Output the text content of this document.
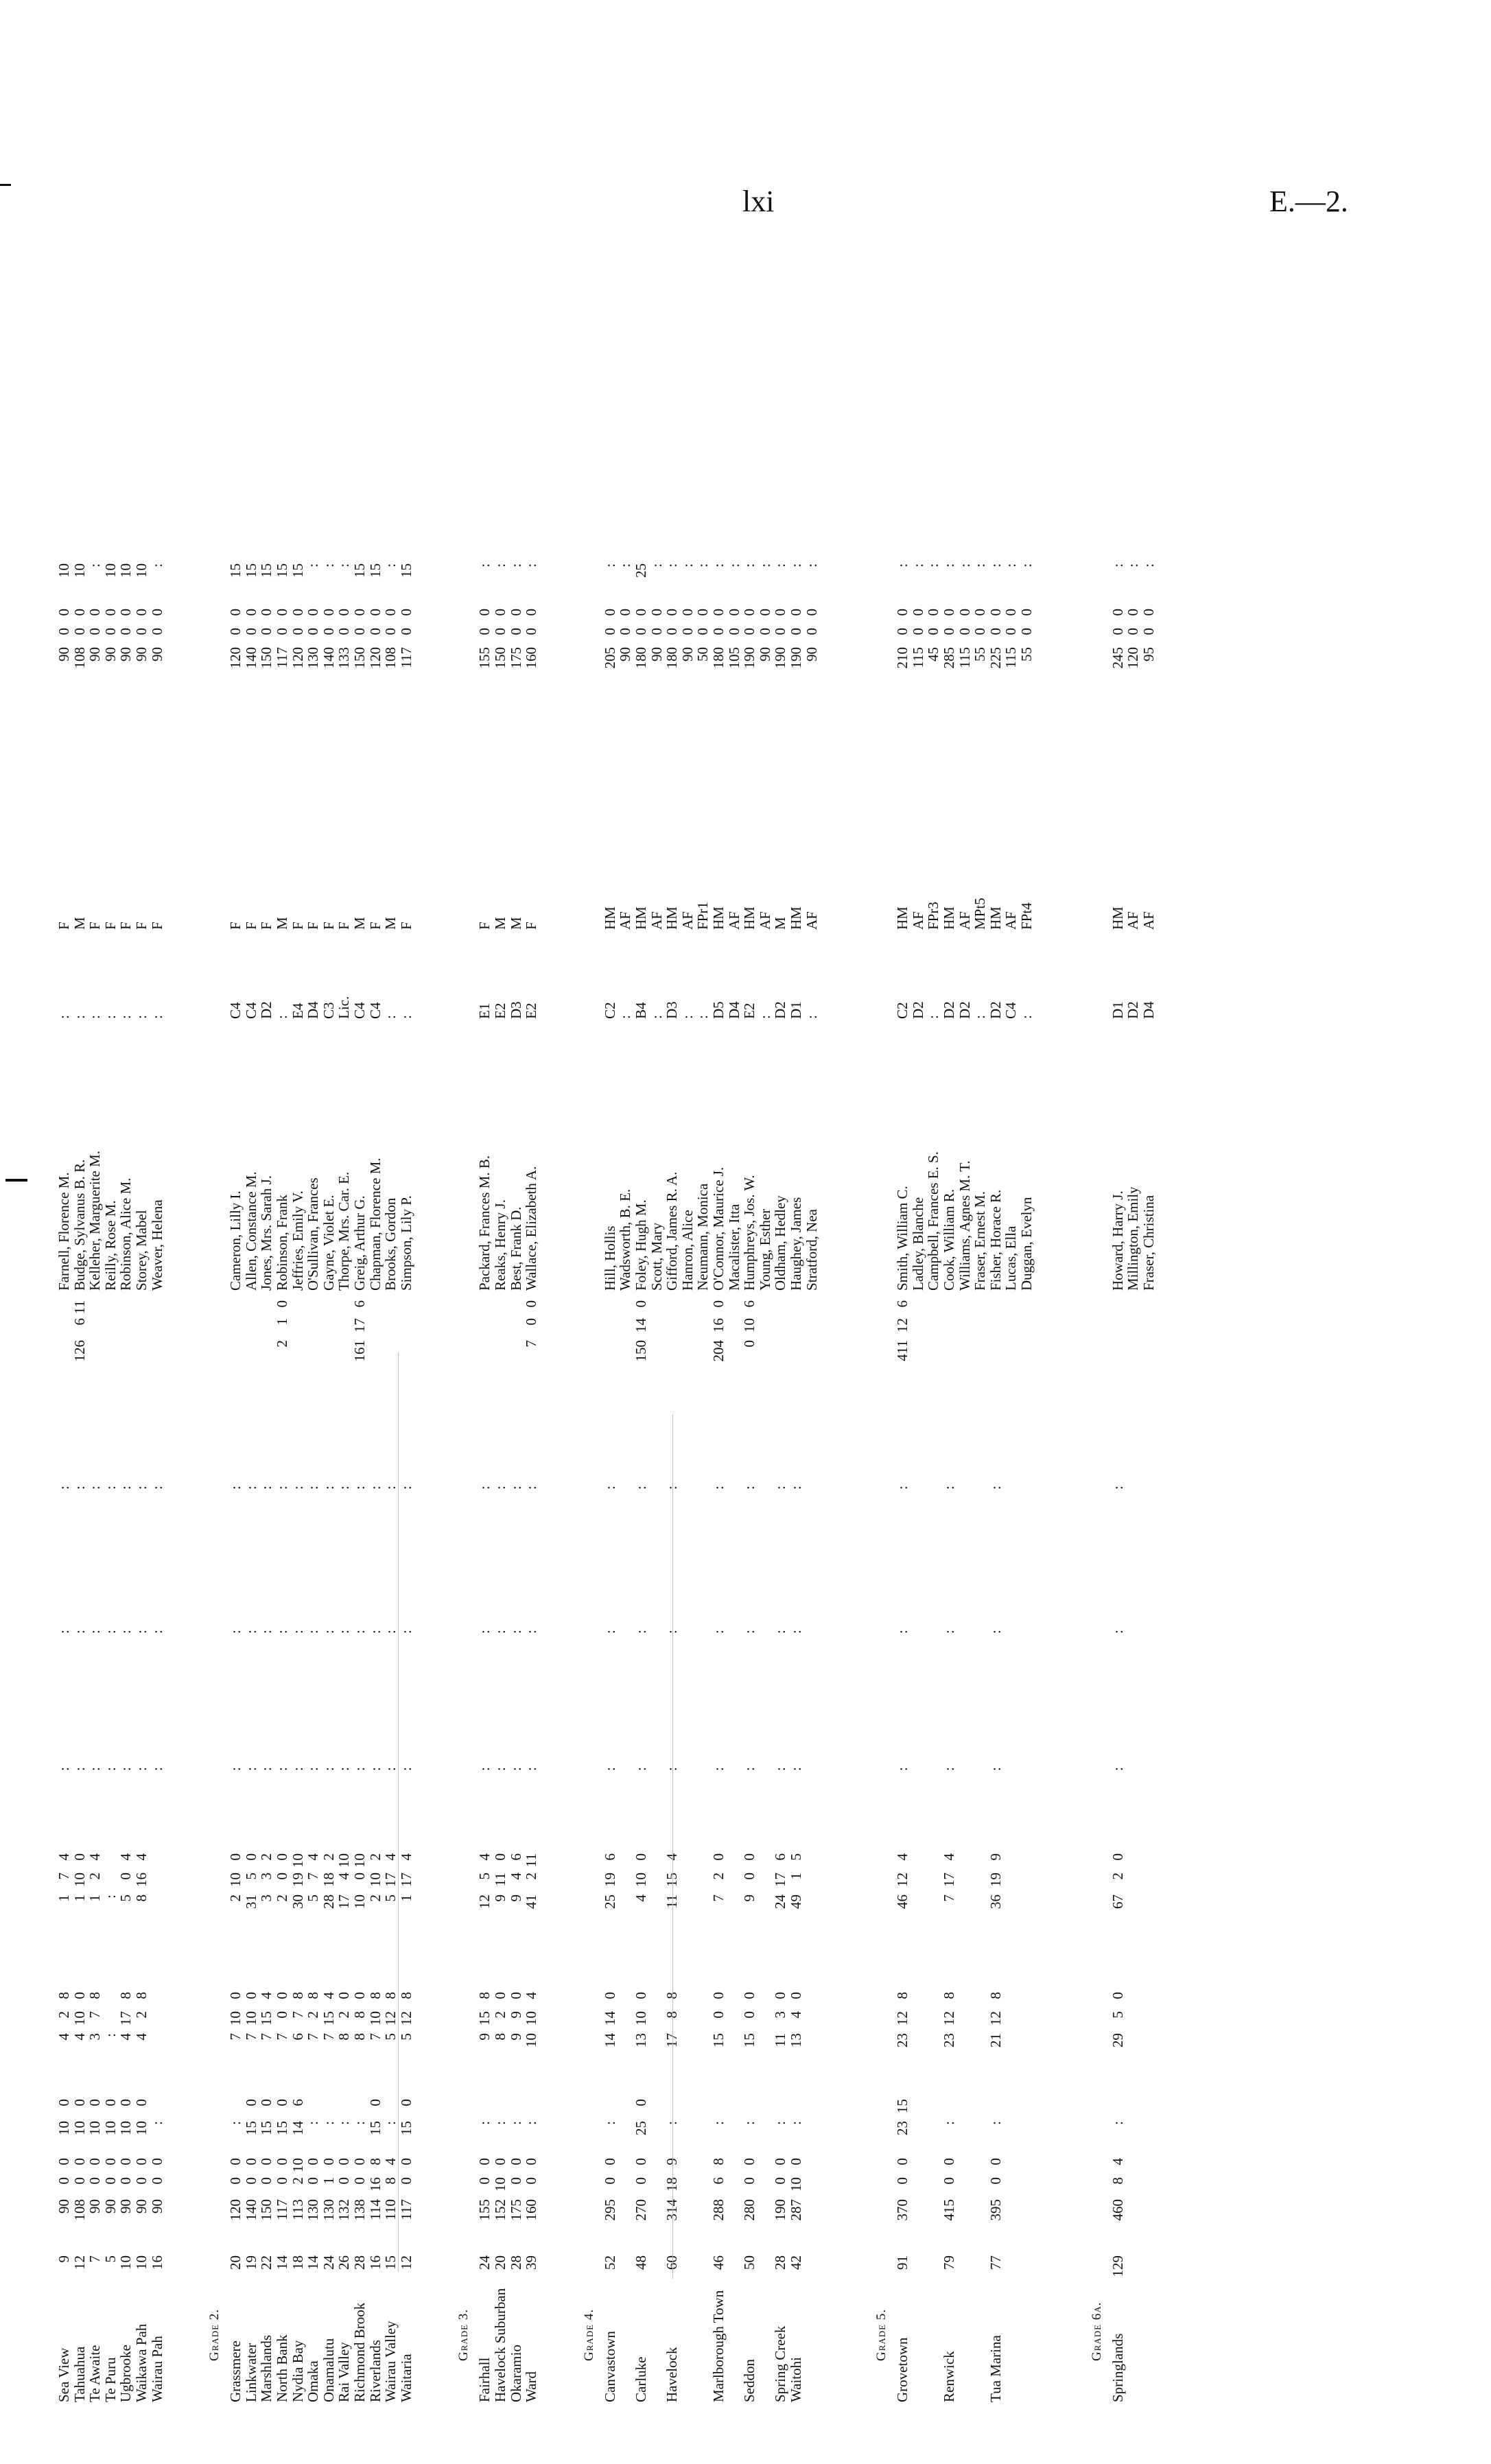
lxi	E.—2.
Sea View
9
90
0
0
10
0
4
2
8
1
7
4
:
:
:
Farnell, Florence M.
:
F
90
0
0
10
Tahuahua
12
108
0
0
10
0
4
10
0
1
10
0
:
:
:
126
6
11
Budge, Sylvanus B. R.
:
M
108
0
0
10
Te Awaite
7
90
0
0
10
0
3
7
8
1
2
4
:
:
:
Kelleher, Marguerite M.
:
F
90
0
0
:
Te Puru
5
90
0
0
10
0
:
:
:
:
:
Reilly, Rose M.
:
F
90
0
0
10
Ugbrooke
10
90
0
0
10
0
4
17
8
5
0
4
:
:
:
Robinson, Alice M.
:
F
90
0
0
10
Waikawa Pah
10
90
0
0
10
0
4
2
8
8
16
4
:
:
:
Storey, Mabel
:
F
90
0
0
10
Wairau Pah
16
90
0
0
:
:
:
:
Weaver, Helena
:
F
90
0
0
:
Grade 2.
Grassmere
20
120
0
0
:
7
10
0
2
10
0
:
:
:
Cameron, Lilly I.
C4
F
120
0
0
15
Linkwater
19
140
0
0
15
0
7
10
0
31
5
0
:
:
:
Allen, Constance M.
C4
F
140
0
0
15
Marshlands
22
150
0
0
15
0
7
15
4
3
3
2
:
:
:
Jones, Mrs. Sarah J.
D2
F
150
0
0
15
North Bank
14
117
0
0
15
0
7
0
0
2
0
0
:
:
:
2
1
0
Robinson, Frank
:
M
117
0
0
15
Nydia Bay
18
113
2
10
14
6
6
7
8
30
19
10
:
:
:
Jeffries, Emily V.
E4
F
120
0
0
15
Omaka
14
130
0
0
:
7
2
8
5
7
4
:
:
:
O'Sullivan, Frances
D4
F
130
0
0
:
Onamalutu
24
130
1
0
:
7
15
4
28
18
2
:
:
:
Gayne, Violet E.
C3
F
140
0
0
:
Rai Valley
26
132
0
0
:
8
2
0
17
4
10
:
:
:
Thorpe, Mrs. Car. E.
Lic.
F
133
0
0
:
Richmond Brook
28
138
0
0
:
8
8
0
10
0
10
:
:
:
161
17
6
Greig, Arthur G.
C4
M
150
0
0
15
Riverlands
16
114
16
8
15
0
7
10
8
2
10
2
:
:
:
Chapman, Florence M.
C4
F
120
0
0
15
Wairau Valley
15
110
8
4
:
5
12
8
5
17
4
:
:
:
Brooks, Gordon
:
M
108
0
0
:
Waitaria
12
117
0
0
15
0
5
12
8
1
17
4
:
:
:
Simpson, Lily P.
:
F
117
0
0
15
Grade 3.
Fairhall
24
155
0
0
:
9
15
8
12
5
4
:
:
:
Packard, Frances M. B.
E1
F
155
0
0
:
Havelock Suburban
20
152
10
0
:
8
2
0
9
11
0
:
:
:
Reaks, Henry J.
E2
M
150
0
0
:
Okaramio
28
175
0
0
:
9
9
0
9
4
6
:
:
:
Best, Frank D.
D3
M
175
0
0
:
Ward
39
160
0
0
:
10
10
4
41
2
11
:
:
:
7
0
0
Wallace, Elizabeth A.
E2
F
160
0
0
:
Grade 4. Canvastown
52
295
0
0
:
14
14
0
25
19
6
:
:
:
Hill, Hollis
C2
HM
205
0
0
:
Wadsworth, B. E.
:
AF
90
0
0
:
Carluke
48
270
0
0
25
0
13
10
0
4
10
0
:
:
:
150
14
0
Foley, Hugh M.
B4
HM
180
0
0
25
Scott, Mary
:
AF
90
0
0
:
Havelock
60
314
18
9
:
17
8
8
11
15
4
:
:
:
Gifford, James R. A.
D3
HM
180
0
0
:
Hanron, Alice
:
AF
90
0
0
:
Neumann, Monica
:
FPr1
50
0
0
:
Marlborough Town
46
288
6
8
:
15
0
0
7
2
0
:
:
:
204
16
0
O'Connor, Maurice J.
D5
HM
180
0
0
:
Macalister, Itta
D4
AF
105
0
0
:
Seddon
50
280
0
0
:
15
0
0
9
0
0
:
:
:
0
10
6
Humphreys, Jos. W.
E2
HM
190
0
0
:
Young, Esther
:
AF
90
0
0
:
Spring Creek
28
190
0
0
:
11
3
0
24
17
6
:
:
:
Oldham, Hedley
D2
M
190
0
0
:
Waitohi
42
287
10
0
:
13
4
0
49
1
5
:
:
:
Haughey, James
D1
HM
190
0
0
:
Stratford, Nea
:
AF
90
0
0
:
Grade 5.
Grovetown
91
370
0
0
23
15
23
12
8
46
12
4
:
:
:
411
12
6
Smith, William C.
C2
HM
210
0
0
:
Ladley, Blanche
D2
AF
115
0
0
:
Campbell, Frances E. S.
:
FPr3
45
0
0
:
Renwick
79
415
0
0
:
23
12
8
7
17
4
:
:
:
Cook, William R.
D2
HM
285
0
0
:
Williams, Agnes M. T.
D2
AF
115
0
0
:
Fraser, Ernest M.
:
MPt5
55
0
0
:
Tua Marina
77
395
0
0
:
21
12
8
36
19
9
:
:
:
Fisher, Horace R.
D2
HM
225
0
0
:
Lucas, Ella
C4
AF
115
0
0
:
Duggan, Evelyn
:
FPt4
55
0
0
:
Grade 6a.
Springlands
129
460
8
4
:
29
5
0
67
2
0
:
:
:
Howard, Harry J.
D1
HM
245
0
0
:
Millington, Emily
D2
AF
120
0
0
:
Fraser, Christina
D4
AF
95
0
0
:
